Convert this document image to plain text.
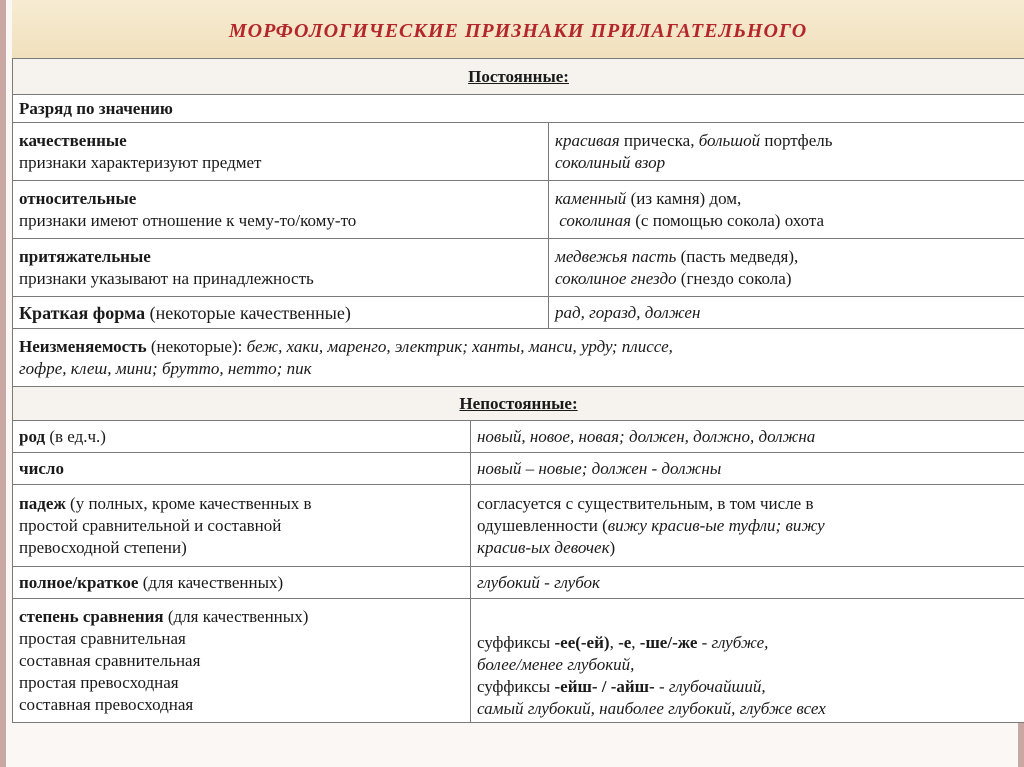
МОРФОЛОГИЧЕСКИЕ ПРИЗНАКИ ПРИЛАГАТЕЛЬНОГО
Постоянные:		
Разряд по значению		

качественные
признаки характеризуют предмет		красивая прическа, большой портфель
соколиный взор

относительные
признаки имеют отношение к чему-то/кому-то		каменный (из камня) дом,
соколиная (с помощью сокола) охота

притяжательные
признаки указывают на принадлежность		медвежья пасть (пасть медведя),
соколиное гнездо (гнездо сокола)

Краткая форма (некоторые качественные)		рад, горазд, должен

Неизменяемость (некоторые): беж, хаки, маренго, электрик; ханты, манси, урду; плиссе,
гофре, клеш, мини; брутто, нетто; пик		

Непостоянные:		
род (в ед.ч.)	новый, новое, новая; должен, должно, должна	
число	новый – новые; должен - должны	

падеж (у полных, кроме качественных в
простой сравнительной и составной
превосходной степени)	согласуется с существительным, в том числе в
одушевленности (вижу красив-ые туфли; вижу
красив-ых девочек)	

полное/краткое (для качественных)	глубокий - глубок	

степень сравнения (для качественных)
простая сравнительная
составная сравнительная
простая превосходная
составная превосходная	суффиксы -ее(-ей), -е, -ше/-же - глубже,
более/менее глубокий,
суффиксы -ейш- / -айш- - глубочайший,
самый глубокий, наиболее глубокий, глубже всех	
